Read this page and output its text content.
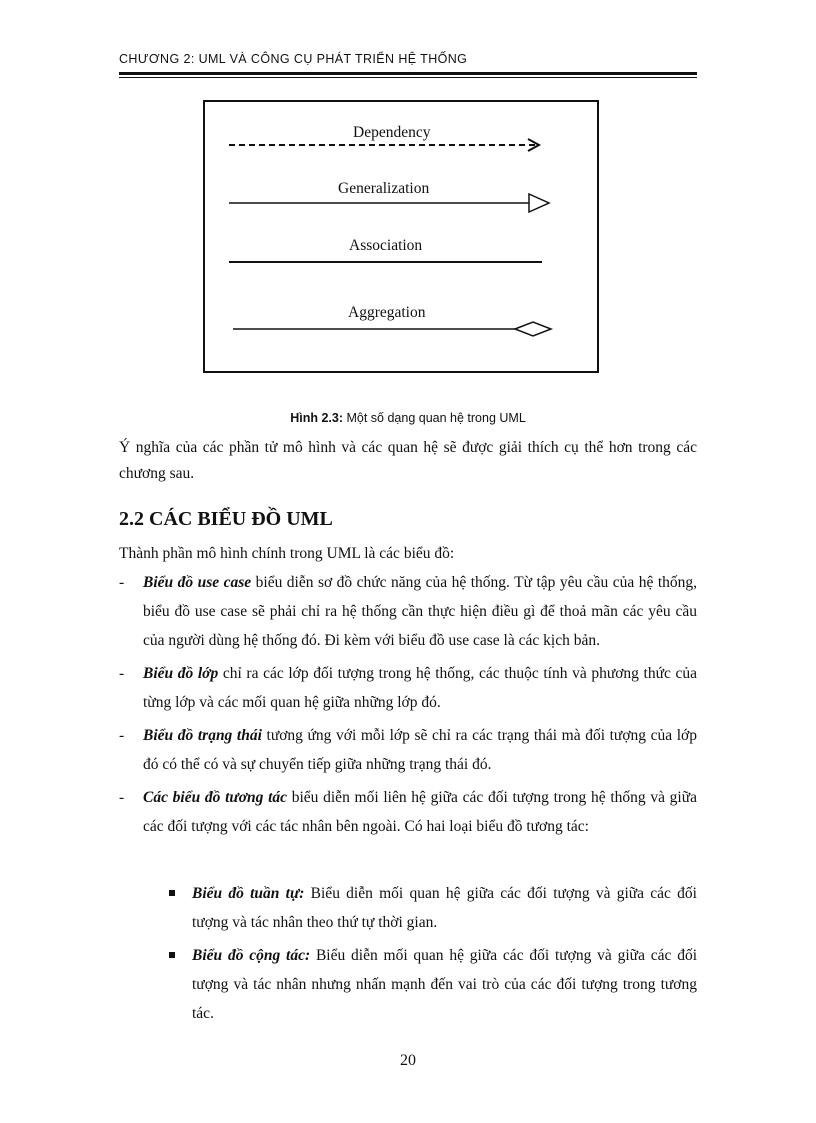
CHƯƠNG 2: UML VÀ CÔNG CỤ PHÁT TRIỂN HỆ THỐNG
Dependency
Generalization
Association
Aggregation
Hình 2.3: Một số dạng quan hệ trong UML
Ý nghĩa của các phần tử mô hình và các quan hệ sẽ được giải thích cụ thể hơn trong các chương sau.
2.2 CÁC BIỂU ĐỒ UML
Thành phần mô hình chính trong UML là các biểu đồ:
- Biểu đồ use case biểu diễn sơ đồ chức năng của hệ thống. Từ tập yêu cầu của hệ thống, biểu đồ use case sẽ phải chỉ ra hệ thống cần thực hiện điều gì để thoả mãn các yêu cầu của người dùng hệ thống đó. Đi kèm với biểu đồ use case là các kịch bản.
- Biểu đồ lớp chỉ ra các lớp đối tượng trong hệ thống, các thuộc tính và phương thức của từng lớp và các mối quan hệ giữa những lớp đó.
- Biểu đồ trạng thái tương ứng với mỗi lớp sẽ chỉ ra các trạng thái mà đối tượng của lớp đó có thể có và sự chuyển tiếp giữa những trạng thái đó.
- Các biểu đồ tương tác biểu diễn mối liên hệ giữa các đối tượng trong hệ thống và giữa các đối tượng với các tác nhân bên ngoài. Có hai loại biểu đồ tương tác:
Biểu đồ tuần tự: Biểu diễn mối quan hệ giữa các đối tượng và giữa các đối tượng và tác nhân theo thứ tự thời gian.
Biểu đồ cộng tác: Biểu diễn mối quan hệ giữa các đối tượng và giữa các đối tượng và tác nhân nhưng nhấn mạnh đến vai trò của các đối tượng trong tương tác.
20
